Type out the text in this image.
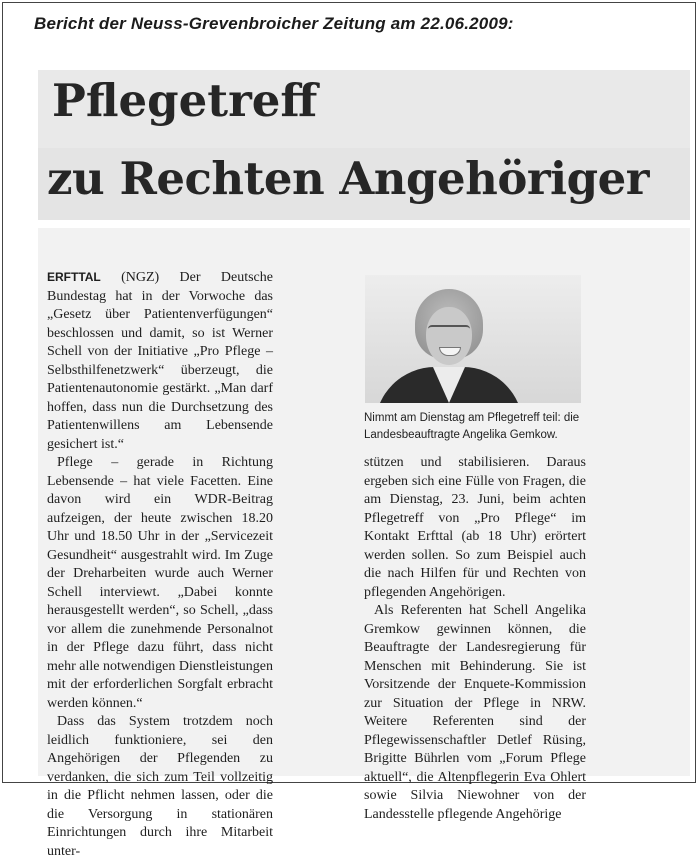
Bericht der Neuss-Grevenbroicher Zeitung am 22.06.2009:
Pflegetreff
zu Rechten Angehöriger

ERFTTAL (NGZ) Der Deutsche Bundestag hat in der Vorwoche das „Gesetz über Patientenverfügungen“ beschlossen und damit, so ist Werner Schell von der Initiative „Pro Pflege – Selbsthilfenetzwerk“ überzeugt, die Patientenautonomie gestärkt. „Man darf hoffen, dass nun die Durchsetzung des Patientenwillens am Lebensende gesichert ist.“

Pflege – gerade in Richtung Lebensende – hat viele Facetten. Eine davon wird ein WDR-Beitrag aufzeigen, der heute zwischen 18.20 Uhr und 18.50 Uhr in der „Servicezeit Gesundheit“ ausgestrahlt wird. Im Zuge der Dreharbeiten wurde auch Werner Schell interviewt. „Dabei konnte herausgestellt werden“, so Schell, „dass vor allem die zunehmende Personalnot in der Pflege dazu führt, dass nicht mehr alle notwendigen Dienstleistungen mit der erforderlichen Sorgfalt erbracht werden können.“

Dass das System trotzdem noch leidlich funktioniere, sei den Angehörigen der Pflegenden zu verdanken, die sich zum Teil vollzeitig in die Pflicht nehmen lassen, oder die die Versorgung in stationären Einrichtungen durch ihre Mitarbeit unter-

Nimmt am Dienstag am Pflegetreff teil: die Landesbeauftragte Angelika Gemkow.

stützen und stabilisieren. Daraus ergeben sich eine Fülle von Fragen, die am Dienstag, 23. Juni, beim achten Pflegetreff von „Pro Pflege“ im Kontakt Erfttal (ab 18 Uhr) erörtert werden sollen. So zum Beispiel auch die nach Hilfen für und Rechten von pflegenden Angehörigen.

Als Referenten hat Schell Angelika Gremkow gewinnen können, die Beauftragte der Landesregierung für Menschen mit Behinderung. Sie ist Vorsitzende der Enquete-Kommission zur Situation der Pflege in NRW. Weitere Referenten sind der Pflegewissenschaftler Detlef Rüsing, Brigitte Bührlen vom „Forum Pflege aktuell“, die Altenpflegerin Eva Ohlert sowie Silvia Niewohner von der Landesstelle pflegende Angehörige
